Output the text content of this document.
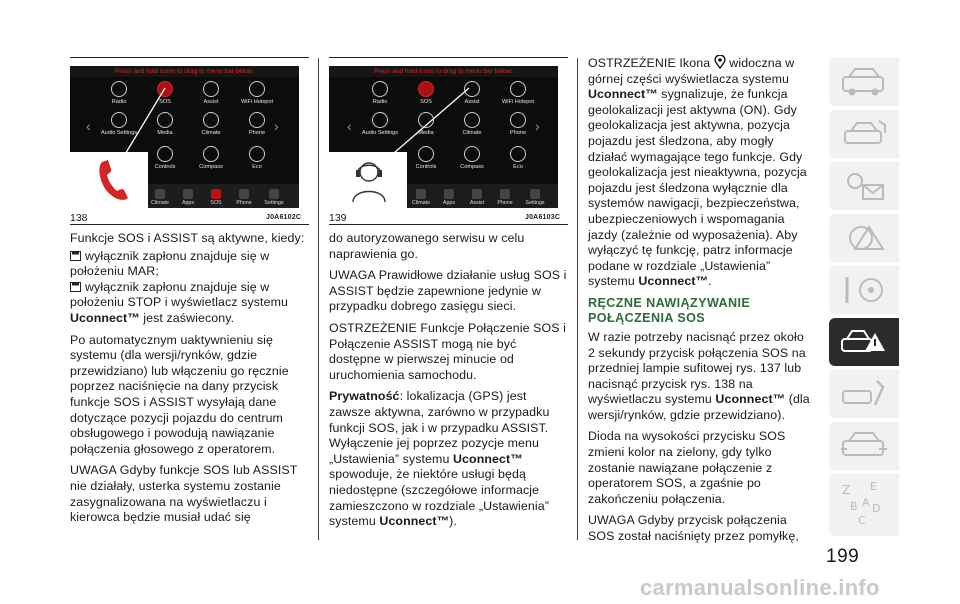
Press and hold icons to drag to menu bar below.
‹	›
Radio	SOS	Assist	WiFi Hotspot
Audio Settings	Media	Climate	Phone
Controls	Compass	Eco
Climate	Apps	SOS	Phone	Settings
138	J0A6102C
Press and hold icons to drag to menu bar below.
‹	›
Radio	SOS	Assist	WiFi Hotspot
Audio Settings	Media	Climate	Phone
Controls	Compass	Eco
Climate	Apps	Assist	Phone	Settings
139	J0A6103C

Funkcje SOS i ASSIST są aktywne, kiedy:

wyłącznik zapłonu znajduje się w położeniu MAR;
wyłącznik zapłonu znajduje się w położeniu STOP i wyświetlacz systemu Uconnect™ jest zaświecony.

Po automatycznym uaktywnieniu się systemu (dla wersji/rynków, gdzie przewidziano) lub włączeniu go ręcznie poprzez naciśnięcie na dany przycisk funkcje SOS i ASSIST wysyłają dane dotyczące pozycji pojazdu do centrum obsługowego i powodują nawiązanie połączenia głosowego z operatorem.

UWAGA Gdyby funkcje SOS lub ASSIST nie działały, usterka systemu zostanie zasygnalizowana na wyświetlaczu i kierowca będzie musiał udać się

do autoryzowanego serwisu w celu naprawienia go.

UWAGA Prawidłowe działanie usług SOS i ASSIST będzie zapewnione jedynie w przypadku dobrego zasięgu sieci.

OSTRZEŻENIE Funkcje Połączenie SOS i Połączenie ASSIST mogą nie być dostępne w pierwszej minucie od uruchomienia samochodu.

Prywatność: lokalizacja (GPS) jest zawsze aktywna, zarówno w przypadku funkcji SOS, jak i w przypadku ASSIST. Wyłączenie jej poprzez pozycje menu „Ustawienia” systemu Uconnect™ spowoduje, że niektóre usługi będą niedostępne (szczegółowe informacje zamieszczono w rozdziale „Ustawienia” systemu Uconnect™).

OSTRZEŻENIE Ikona  widoczna w górnej części wyświetlacza systemu Uconnect™ sygnalizuje, że funkcja geolokalizacji jest aktywna (ON). Gdy geolokalizacja jest aktywna, pozycja pojazdu jest śledzona, aby mogły działać wymagające tego funkcje. Gdy geolokalizacja jest nieaktywna, pozycja pojazdu jest śledzona wyłącznie dla systemów nawigacji, bezpieczeństwa, ubezpieczeniowych i wspomagania jazdy (zależnie od wyposażenia). Aby wyłączyć tę funkcję, patrz informacje podane w rozdziale „Ustawienia” systemu Uconnect™.

RĘCZNE NAWIĄZYWANIE POŁĄCZENIA SOS

W razie potrzeby nacisnąć przez około 2 sekundy przycisk połączenia SOS na przedniej lampie sufitowej rys. 137 lub nacisnąć przycisk rys. 138 na wyświetlaczu systemu Uconnect™ (dla wersji/rynków, gdzie przewidziano).

Dioda na wysokości przycisku SOS zmieni kolor na zielony, gdy tylko zostanie nawiązane połączenie z operatorem SOS, a zgaśnie po zakończeniu połączenia.

UWAGA Gdyby przycisk połączenia SOS został naciśnięty przez pomyłkę,

Z E
B A D
C
199
carmanualsonline.info
